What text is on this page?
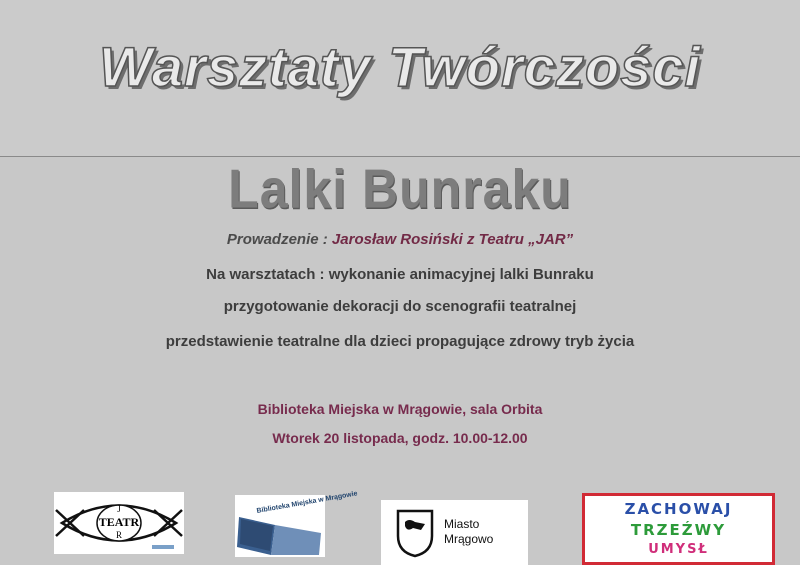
Warsztaty Twórczości
Lalki Bunraku
Prowadzenie : Jarosław Rosiński z Teatru „JAR”
Na warsztatach : wykonanie animacyjnej lalki Bunraku
przygotowanie dekoracji do scenografii teatralnej
przedstawienie teatralne dla dzieci propagujące zdrowy tryb życia
Biblioteka Miejska w Mrągowie, sala Orbita
Wtorek 20 listopada, godz. 10.00-12.00
J
TEATR
R
Biblioteka Miejska w Mrągowie
Miasto
Mrągowo
ZACHOWAJ
TRZEŹWY
UMYSŁ
